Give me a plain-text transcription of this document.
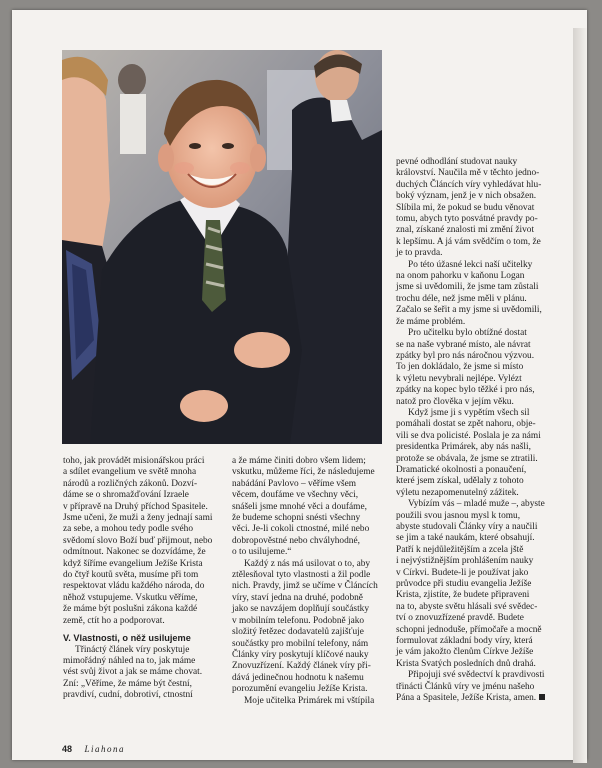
toho, jak provádět misionářskou práci

a sdílet evangelium ve světě mnoha

národů a rozličných zákonů. Dozví-

dáme se o shromažďování Izraele

v přípravě na Druhý příchod Spasitele.

Jsme učeni, že muži a ženy jednají sami

za sebe, a mohou tedy podle svého

svědomí slovo Boží buď přijmout, nebo

odmítnout. Nakonec se dozvídáme, že

když šíříme evangelium Ježíše Krista

do čtyř koutů světa, musíme při tom

respektovat vládu každého národa, do

něhož vstupujeme. Vskutku věříme,

že máme být poslušni zákona každé

země, ctít ho a podporovat.

V. Vlastnosti, o něž usilujeme

Třináctý článek víry poskytuje

mimořádný náhled na to, jak máme

vést svůj život a jak se máme chovat.

Zní: „Věříme, že máme být čestní,

pravdiví, cudní, dobrotiví, ctnostní

a že máme činiti dobro všem lidem;

vskutku, můžeme říci, že následujeme

nabádání Pavlovo – věříme všem

věcem, doufáme ve všechny věci,

snášeli jsme mnohé věci a doufáme,

že budeme schopni snésti všechny

věci. Je-li cokoli ctnostné, milé nebo

dobropověstné nebo chvályhodné,

o to usilujeme.“

Každý z nás má usilovat o to, aby

ztělesňoval tyto vlastnosti a žil podle

nich. Pravdy, jimž se učíme v Článcích

víry, staví jedna na druhé, podobně

jako se navzájem doplňují součástky

v mobilním telefonu. Podobně jako

složitý řetězec dodavatelů zajišťuje

součástky pro mobilní telefony, nám

Články víry poskytují klíčové nauky

Znovuzřízení. Každý článek víry při-

dává jedinečnou hodnotu k našemu

porozumění evangeliu Ježíše Krista.

Moje učitelka Primárek mi vštípila

pevné odhodlání studovat nauky

království. Naučila mě v těchto jedno-

duchých Článcích víry vyhledávat hlu-

boký význam, jenž je v nich obsažen.

Slíbila mi, že pokud se budu věnovat

tomu, abych tyto posvátné pravdy po-

znal, získané znalosti mi změní život

k lepšímu. A já vám svědčím o tom, že

je to pravda.

Po této úžasné lekci naší učitelky

na onom pahorku v kaňonu Logan

jsme si uvědomili, že jsme tam zůstali

trochu déle, než jsme měli v plánu.

Začalo se šeřit a my jsme si uvědomili,

že máme problém.

Pro učitelku bylo obtížné dostat

se na naše vybrané místo, ale návrat

zpátky byl pro nás náročnou výzvou.

To jen dokládalo, že jsme si místo

k výletu nevybrali nejlépe. Vylézt

zpátky na kopec bylo těžké i pro nás,

natož pro člověka v jejím věku.

Když jsme ji s vypětím všech sil

pomáhali dostat se zpět nahoru, obje-

vili se dva policisté. Poslala je za námi

presidentka Primárek, aby nás našli,

protože se obávala, že jsme se ztratili.

Dramatické okolnosti a ponaučení,

které jsem získal, udělaly z tohoto

výletu nezapomenutelný zážitek.

Vybízím vás – mladé muže –, abyste

použili svou jasnou mysl k tomu,

abyste studovali Články víry a naučili

se jim a také naukám, které obsahují.

Patří k nejdůležitějším a zcela jště

i nejvýstižnějším prohlášením nauky

v Církvi. Budete-li je používat jako

průvodce při studiu evangelia Ježíše

Krista, zjistíte, že budete připraveni

na to, abyste světu hlásali své svědec-

tví o znovuzřízené pravdě. Budete

schopni jednoduše, přímočaře a mocně

formulovat základní body víry, která

je vám jakožto členům Církve Ježíše

Krista Svatých posledních dnů drahá.

Připojuji své svědectví k pravdivosti

třinácti Článků víry ve jménu našeho

Pána a Spasitele, Ježíše Krista, amen.

48 Liahona
